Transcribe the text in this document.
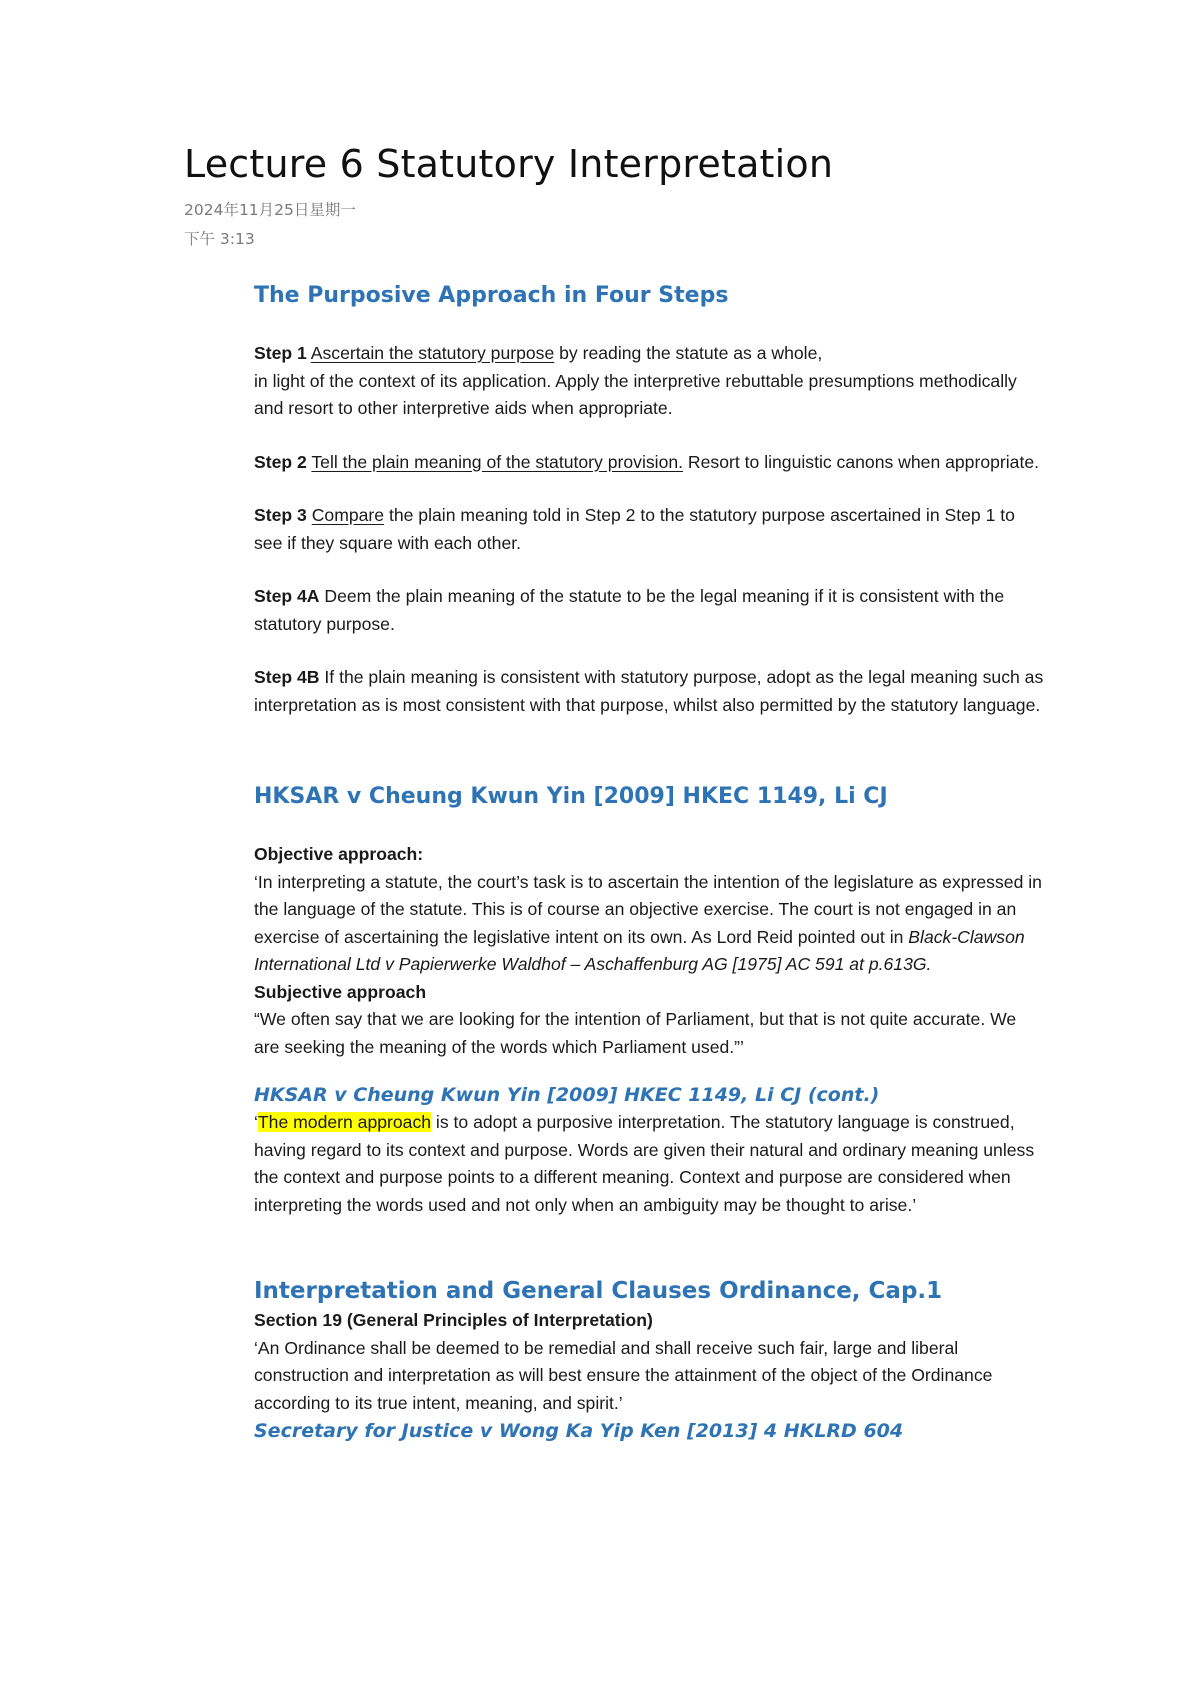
Lecture 6 Statutory Interpretation
2024年11月25日星期一
下午 3:13
The Purposive Approach in Four Steps

Step 1 Ascertain the statutory purpose by reading the statute as a whole,
in light of the context of its application. Apply the interpretive rebuttable presumptions methodically and resort to other interpretive aids when appropriate.

Step 2 Tell the plain meaning of the statutory provision. Resort to linguistic canons when appropriate.

Step 3 Compare the plain meaning told in Step 2 to the statutory purpose ascertained in Step 1 to see if they square with each other.

Step 4A Deem the plain meaning of the statute to be the legal meaning if it is consistent with the statutory purpose.

Step 4B If the plain meaning is consistent with statutory purpose, adopt as the legal meaning such as interpretation as is most consistent with that purpose, whilst also permitted by the statutory language.

HKSAR v Cheung Kwun Yin [2009] HKEC 1149, Li CJ

Objective approach:

‘In interpreting a statute, the court’s task is to ascertain the intention of the legislature as expressed in the language of the statute. This is of course an objective exercise. The court is not engaged in an exercise of ascertaining the legislative intent on its own. As Lord Reid pointed out in Black-Clawson International Ltd v Papierwerke Waldhof – Aschaffenburg AG [1975] AC 591 at p.613G.

Subjective approach

“We often say that we are looking for the intention of Parliament, but that is not quite accurate. We are seeking the meaning of the words which Parliament used.”’

HKSAR v Cheung Kwun Yin [2009] HKEC 1149, Li CJ (cont.)

‘The modern approach is to adopt a purposive interpretation. The statutory language is construed, having regard to its context and purpose. Words are given their natural and ordinary meaning unless the context and purpose points to a different meaning. Context and purpose are considered when interpreting the words used and not only when an ambiguity may be thought to arise.’

Interpretation and General Clauses Ordinance, Cap.1

Section 19 (General Principles of Interpretation)

‘An Ordinance shall be deemed to be remedial and shall receive such fair, large and liberal construction and interpretation as will best ensure the attainment of the object of the Ordinance according to its true intent, meaning, and spirit.’

Secretary for Justice v Wong Ka Yip Ken [2013] 4 HKLRD 604
